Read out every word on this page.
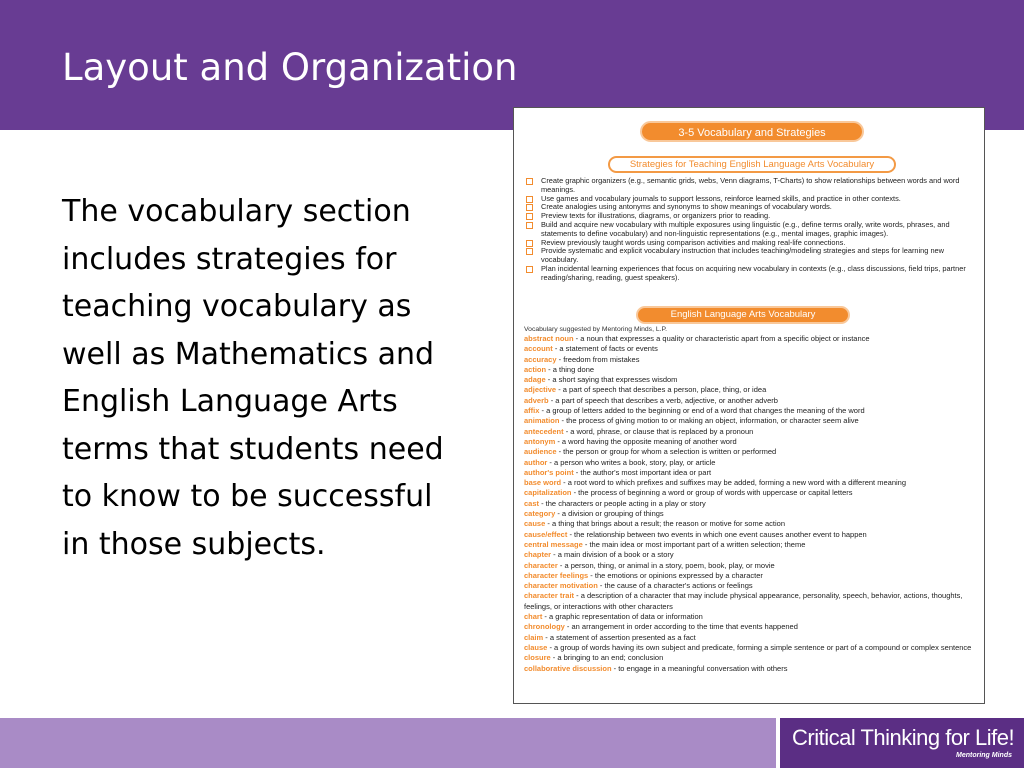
Layout and Organization

The vocabulary section includes strategies for teaching vocabulary as well as Mathematics and English Language Arts terms that students need to know to be successful in those subjects.

3-5 Vocabulary and Strategies
Strategies for Teaching English Language Arts Vocabulary
Create graphic organizers (e.g., semantic grids, webs, Venn diagrams, T-Charts) to show relationships between words and word meanings.
Use games and vocabulary journals to support lessons, reinforce learned skills, and practice in other contexts.
Create analogies using antonyms and synonyms to show meanings of vocabulary words.
Preview texts for illustrations, diagrams, or organizers prior to reading.
Build and acquire new vocabulary with multiple exposures using linguistic (e.g., define terms orally, write words, phrases, and statements to define vocabulary) and non-linguistic representations (e.g., mental images, graphic images).
Review previously taught words using comparison activities and making real-life connections.
Provide systematic and explicit vocabulary instruction that includes teaching/modeling strategies and steps for learning new vocabulary.
Plan incidental learning experiences that focus on acquiring new vocabulary in contexts (e.g., class discussions, field trips, partner reading/sharing, reading, guest speakers).
English Language Arts Vocabulary

Vocabulary suggested by Mentoring Minds, L.P.

abstract noun - a noun that expresses a quality or characteristic apart from a specific object or instance
account - a statement of facts or events
accuracy - freedom from mistakes
action - a thing done
adage - a short saying that expresses wisdom
adjective - a part of speech that describes a person, place, thing, or idea
adverb - a part of speech that describes a verb, adjective, or another adverb
affix - a group of letters added to the beginning or end of a word that changes the meaning of the word
animation - the process of giving motion to or making an object, information, or character seem alive
antecedent - a word, phrase, or clause that is replaced by a pronoun
antonym - a word having the opposite meaning of another word
audience - the person or group for whom a selection is written or performed
author - a person who writes a book, story, play, or article
author's point - the author's most important idea or part
base word - a root word to which prefixes and suffixes may be added, forming a new word with a different meaning
capitalization - the process of beginning a word or group of words with uppercase or capital letters
cast - the characters or people acting in a play or story
category - a division or grouping of things
cause - a thing that brings about a result; the reason or motive for some action
cause/effect - the relationship between two events in which one event causes another event to happen
central message - the main idea or most important part of a written selection; theme
chapter - a main division of a book or a story
character - a person, thing, or animal in a story, poem, book, play, or movie
character feelings - the emotions or opinions expressed by a character
character motivation - the cause of a character's actions or feelings
character trait - a description of a character that may include physical appearance, personality, speech, behavior, actions, thoughts, feelings, or interactions with other characters
chart - a graphic representation of data or information
chronology - an arrangement in order according to the time that events happened
claim - a statement of assertion presented as a fact
clause - a group of words having its own subject and predicate, forming a simple sentence or part of a compound or complex sentence
closure - a bringing to an end; conclusion
collaborative discussion - to engage in a meaningful conversation with others

Critical Thinking for Life!

Mentoring Minds
